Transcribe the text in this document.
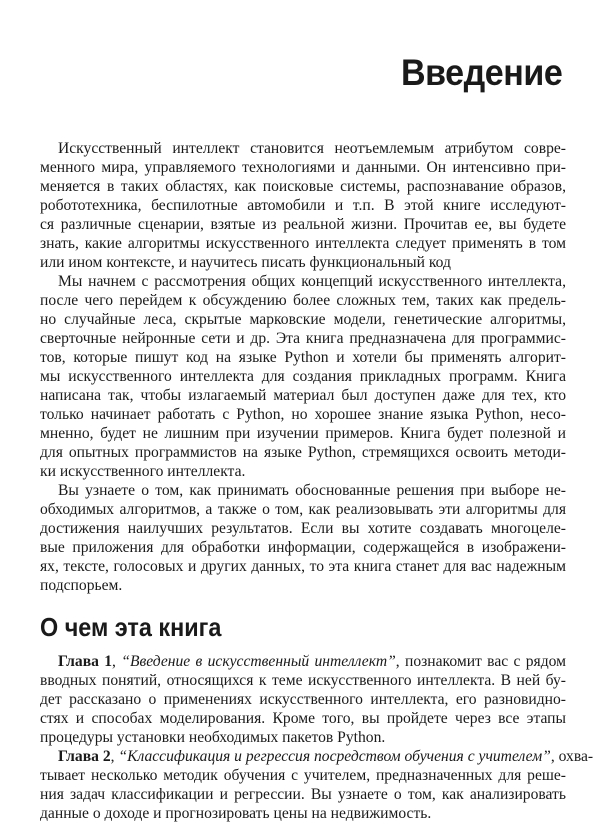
Введение
Искусственный интеллект становится неотъемлемым атрибутом совре-
менного мира, управляемого технологиями и данными. Он интенсивно при-
меняется в таких областях, как поисковые системы, распознавание образов,
робототехника, беспилотные автомобили и т.п. В этой книге исследуют-
ся различные сценарии, взятые из реальной жизни. Прочитав ее, вы будете
знать, какие алгоритмы искусственного интеллекта следует применять в том
или ином контексте, и научитесь писать функциональный код
Мы начнем с рассмотрения общих концепций искусственного интеллекта,
после чего перейдем к обсуждению более сложных тем, таких как предель-
но случайные леса, скрытые марковские модели, генетические алгоритмы,
сверточные нейронные сети и др. Эта книга предназначена для программис-
тов, которые пишут код на языке Python и хотели бы применять алгорит-
мы искусственного интеллекта для создания прикладных программ. Книга
написана так, чтобы излагаемый материал был доступен даже для тех, кто
только начинает работать с Python, но хорошее знание языка Python, несо-
мненно, будет не лишним при изучении примеров. Книга будет полезной и
для опытных программистов на языке Python, стремящихся освоить методи-
ки искусственного интеллекта.
Вы узнаете о том, как принимать обоснованные решения при выборе не-
обходимых алгоритмов, а также о том, как реализовывать эти алгоритмы для
достижения наилучших результатов. Если вы хотите создавать многоцеле-
вые приложения для обработки информации, содержащейся в изображени-
ях, тексте, голосовых и других данных, то эта книга станет для вас надежным
подспорьем.
О чем эта книга
Глава 1, “Введение в искусственный интеллект”, познакомит вас с рядом
вводных понятий, относящихся к теме искусственного интеллекта. В ней бу-
дет рассказано о применениях искусственного интеллекта, его разновидно-
стях и способах моделирования. Кроме того, вы пройдете через все этапы
процедуры установки необходимых пакетов Python.
Глава 2, “Классификация и регрессия посредством обучения с учителем”, охва-
тывает несколько методик обучения с учителем, предназначенных для реше-
ния задач классификации и регрессии. Вы узнаете о том, как анализировать
данные о доходе и прогнозировать цены на недвижимость.
